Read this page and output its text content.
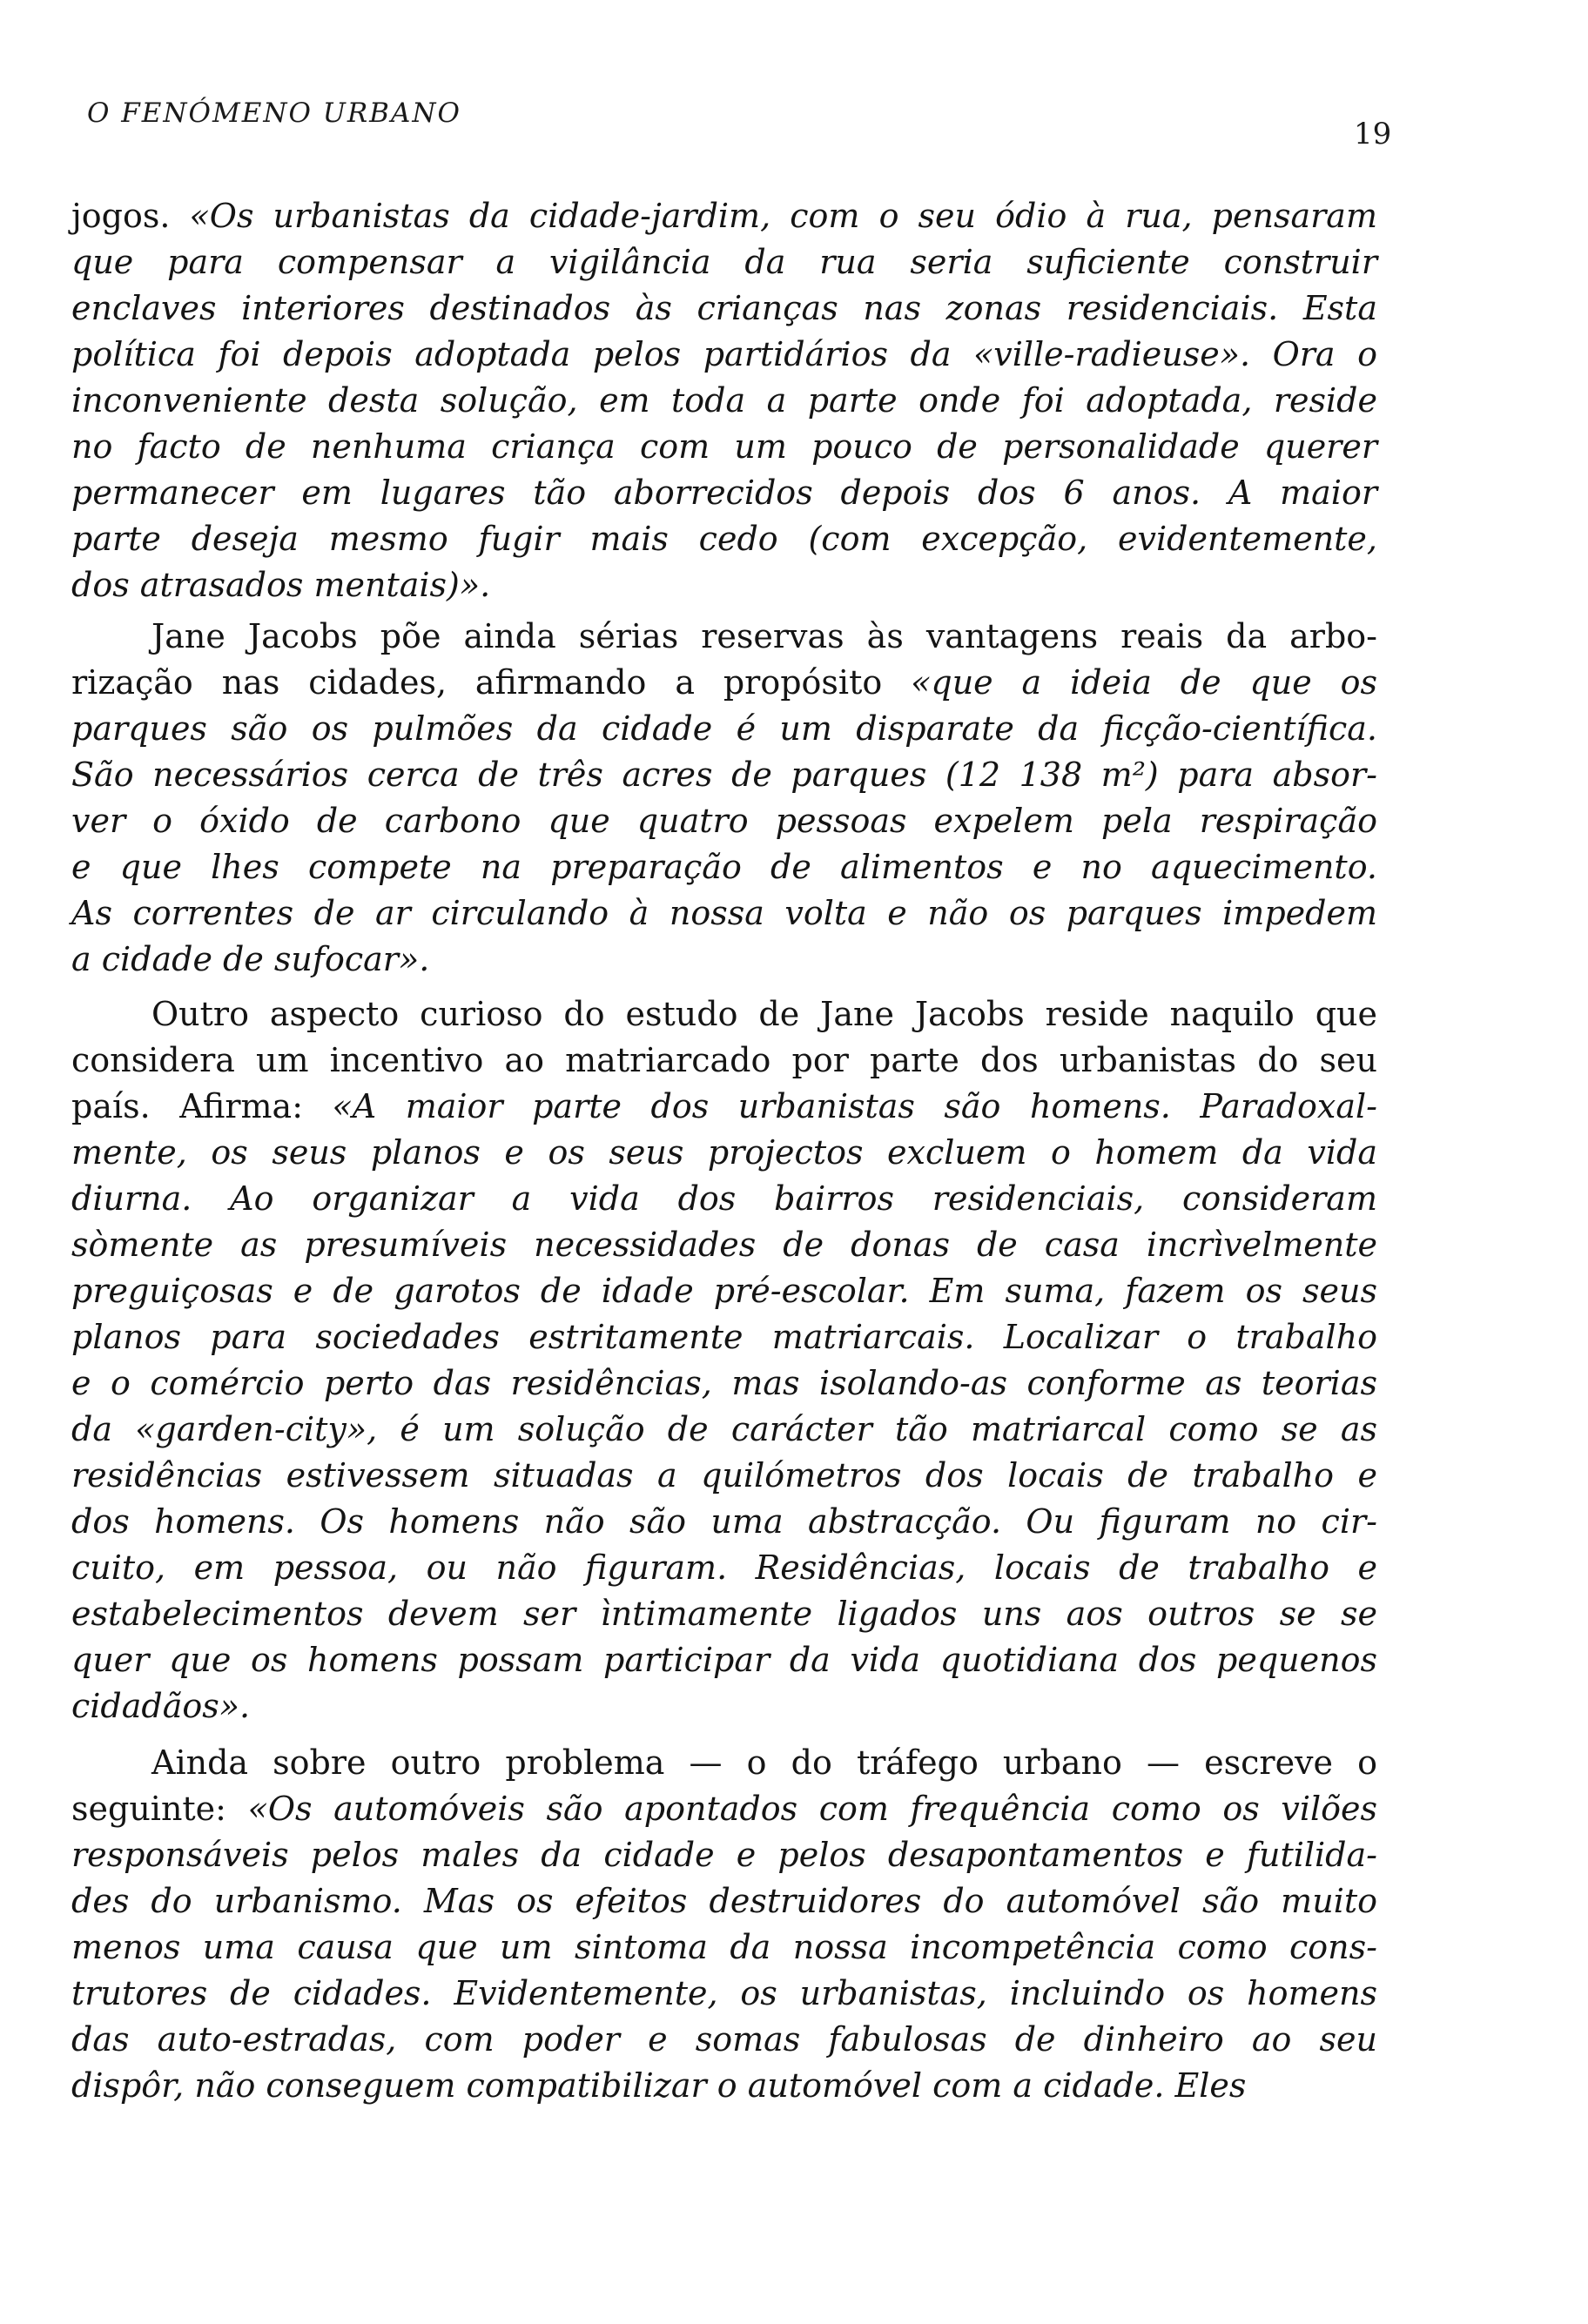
O FENÓMENO URBANO
19
jogos. «Os urbanistas da cidade-jardim, com o seu ódio à rua, pensaram
que para compensar a vigilância da rua seria suficiente construir
enclaves interiores destinados às crianças nas zonas residenciais. Esta
política foi depois adoptada pelos partidários da «ville-radieuse». Ora o
inconveniente desta solução, em toda a parte onde foi adoptada, reside
no facto de nenhuma criança com um pouco de personalidade querer
permanecer em lugares tão aborrecidos depois dos 6 anos. A maior
parte deseja mesmo fugir mais cedo (com excepção, evidentemente,
dos atrasados mentais)».
Jane Jacobs põe ainda sérias reservas às vantagens reais da arbo-
rização nas cidades, afirmando a propósito «que a ideia de que os
parques são os pulmões da cidade é um disparate da ficção-científica.
São necessários cerca de três acres de parques (12 138 m²) para absor-
ver o óxido de carbono que quatro pessoas expelem pela respiração
e que lhes compete na preparação de alimentos e no aquecimento.
As correntes de ar circulando à nossa volta e não os parques impedem
a cidade de sufocar».
Outro aspecto curioso do estudo de Jane Jacobs reside naquilo que
considera um incentivo ao matriarcado por parte dos urbanistas do seu
país. Afirma: «A maior parte dos urbanistas são homens. Paradoxal-
mente, os seus planos e os seus projectos excluem o homem da vida
diurna. Ao organizar a vida dos bairros residenciais, consideram
sòmente as presumíveis necessidades de donas de casa incrìvelmente
preguiçosas e de garotos de idade pré-escolar. Em suma, fazem os seus
planos para sociedades estritamente matriarcais. Localizar o trabalho
e o comércio perto das residências, mas isolando-as conforme as teorias
da «garden-city», é um solução de carácter tão matriarcal como se as
residências estivessem situadas a quilómetros dos locais de trabalho e
dos homens. Os homens não são uma abstracção. Ou figuram no cir-
cuito, em pessoa, ou não figuram. Residências, locais de trabalho e
estabelecimentos devem ser ìntimamente ligados uns aos outros se se
quer que os homens possam participar da vida quotidiana dos pequenos
cidadãos».
Ainda sobre outro problema — o do tráfego urbano — escreve o
seguinte: «Os automóveis são apontados com frequência como os vilões
responsáveis pelos males da cidade e pelos desapontamentos e futilida-
des do urbanismo. Mas os efeitos destruidores do automóvel são muito
menos uma causa que um sintoma da nossa incompetência como cons-
trutores de cidades. Evidentemente, os urbanistas, incluindo os homens
das auto-estradas, com poder e somas fabulosas de dinheiro ao seu
dispôr, não conseguem compatibilizar o automóvel com a cidade. Eles
